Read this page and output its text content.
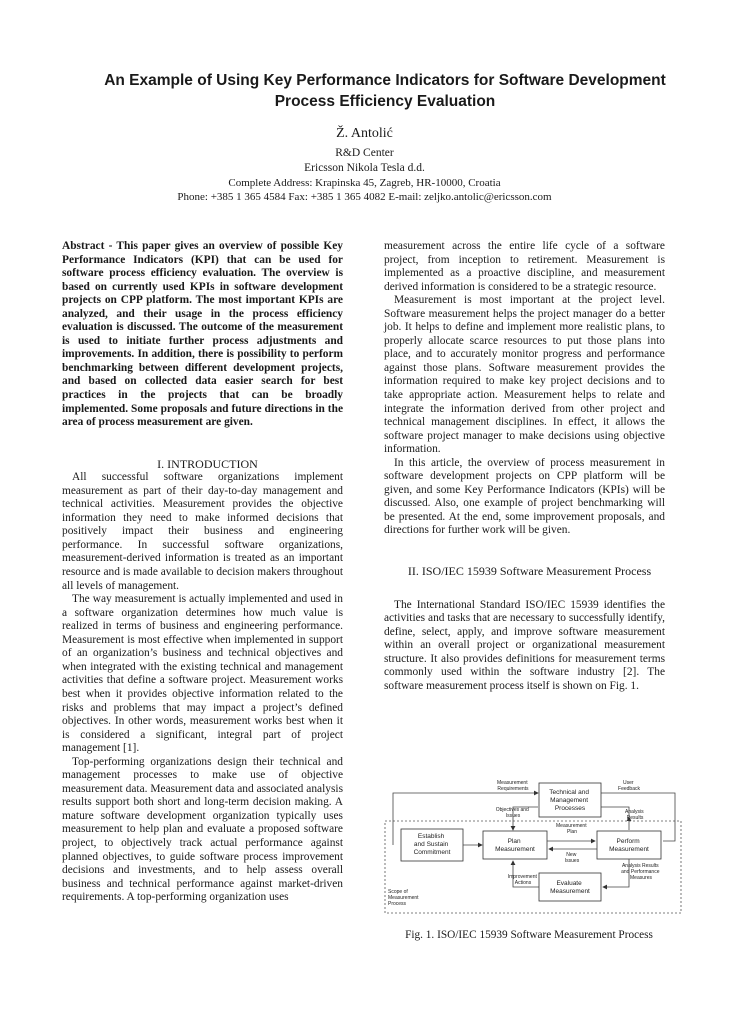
An Example of Using Key Performance Indicators for Software Development
Process Efficiency Evaluation
Ž. Antolić
R&D Center
Ericsson Nikola Tesla d.d.
Complete Address: Krapinska 45, Zagreb, HR-10000, Croatia
Phone: +385 1 365 4584 Fax: +385 1 365 4082 E-mail: zeljko.antolic@ericsson.com

Abstract - This paper gives an overview of possible Key Performance Indicators (KPI) that can be used for software process efficiency evaluation. The overview is based on currently used KPIs in software development projects on CPP platform. The most important KPIs are analyzed, and their usage in the process efficiency evaluation is discussed. The outcome of the measurement is used to initiate further process adjustments and improvements. In addition, there is possibility to perform benchmarking between different development projects, and based on collected data easier search for best practices in the projects that can be broadly implemented. Some proposals and future directions in the area of process measurement are given.

I. INTRODUCTION

All successful software organizations implement measurement as part of their day-to-day management and technical activities. Measurement provides the objective information they need to make informed decisions that positively impact their business and engineering performance. In successful software organizations, measurement-derived information is treated as an important resource and is made available to decision makers throughout all levels of management.

The way measurement is actually implemented and used in a software organization determines how much value is realized in terms of business and engineering performance. Measurement is most effective when implemented in support of an organization’s business and technical objectives and when integrated with the existing technical and management activities that define a software project. Measurement works best when it provides objective information related to the risks and problems that may impact a project’s defined objectives. In other words, measurement works best when it is considered a significant, integral part of project management [1].

Top-performing organizations design their technical and management processes to make use of objective measurement data. Measurement data and associated analysis results support both short and long-term decision making. A mature software development organization typically uses measurement to help plan and evaluate a proposed software project, to objectively track actual performance against planned objectives, to guide software process improvement decisions and investments, and to help assess overall business and technical performance against market-driven requirements. A top-performing organization uses

measurement across the entire life cycle of a software project, from inception to retirement. Measurement is implemented as a proactive discipline, and measurement derived information is considered to be a strategic resource.

Measurement is most important at the project level. Software measurement helps the project manager do a better job. It helps to define and implement more realistic plans, to properly allocate scarce resources to put those plans into place, and to accurately monitor progress and performance against those plans. Software measurement provides the information required to make key project decisions and to take appropriate action. Measurement helps to relate and integrate the information derived from other project and technical management disciplines. In effect, it allows the software project manager to make decisions using objective information.

In this article, the overview of process measurement in software development projects on CPP platform will be given, and some Key Performance Indicators (KPIs) will be discussed. Also, one example of project benchmarking will be presented. At the end, some improvement proposals, and directions for further work will be given.

II. ISO/IEC 15939 Software Measurement Process

The International Standard ISO/IEC 15939 identifies the activities and tasks that are necessary to successfully identify, define, select, apply, and improve software measurement within an overall project or organizational measurement structure. It also provides definitions for measurement terms commonly used within the software industry [2]. The software measurement process itself is shown on Fig. 1.

Measurement Requirements
User Feedback
Technical and Management Processes
Objectives and Issues
Analysis Results
Measurement Plan
Establish and Sustain Commitment
Plan Measurement
Perform Measurement
New Issues
Improvement Actions
Analysis Results and Performance Measures
Evaluate Measurement
Scope of Measurement Process
Fig. 1. ISO/IEC 15939 Software Measurement Process
